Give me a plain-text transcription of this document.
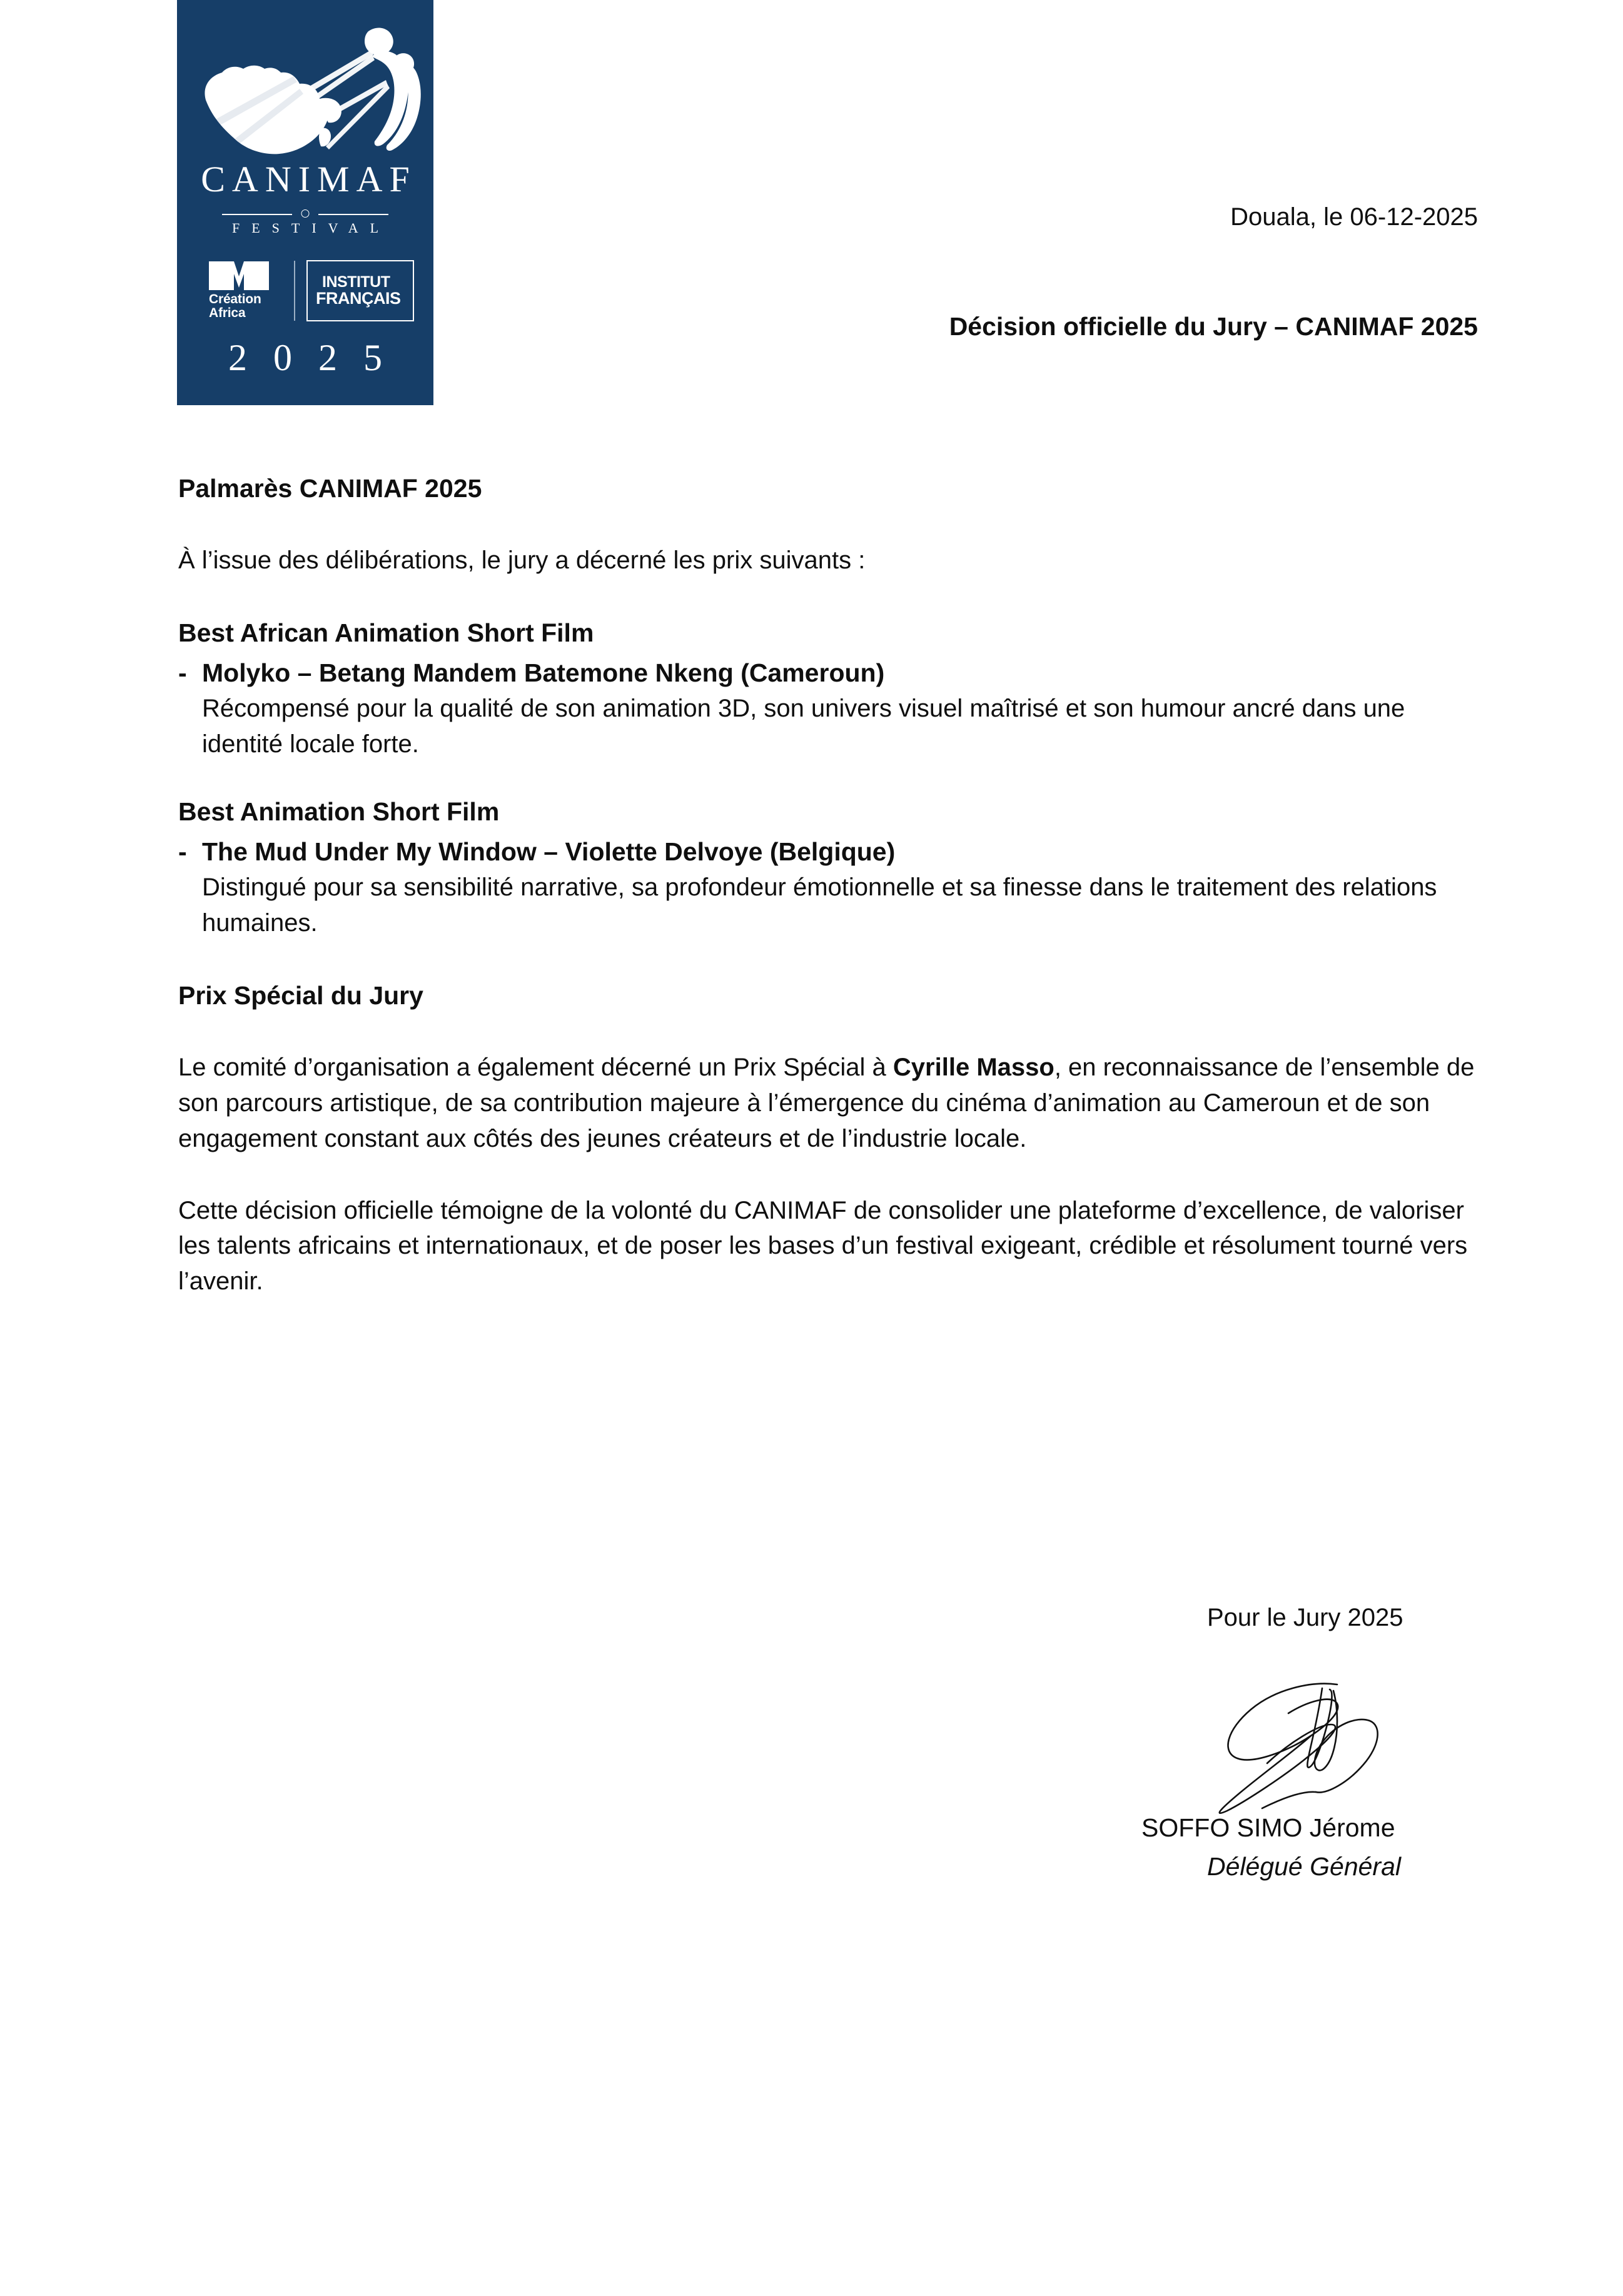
CANIMAF
FESTIVAL
Création
Africa
INSTITUT
FRANÇAIS
2025
Douala, le 06-12-2025
Décision officielle du Jury – CANIMAF 2025
Palmarès CANIMAF 2025
À l’issue des délibérations, le jury a décerné les prix suivants :
Best African Animation Short Film
- Molyko – Betang Mandem Batemone Nkeng (Cameroun)
Récompensé pour la qualité de son animation 3D, son univers visuel maîtrisé et son humour ancré dans une identité locale forte.
Best Animation Short Film
- The Mud Under My Window – Violette Delvoye (Belgique)
Distingué pour sa sensibilité narrative, sa profondeur émotionnelle et sa finesse dans le traitement des relations humaines.
Prix Spécial du Jury
Le comité d’organisation a également décerné un Prix Spécial à Cyrille Masso, en reconnaissance de l’ensemble de son parcours artistique, de sa contribution majeure à l’émergence du cinéma d’animation au Cameroun et de son engagement constant aux côtés des jeunes créateurs et de l’industrie locale.
Cette décision officielle témoigne de la volonté du CANIMAF de consolider une plateforme d’excellence, de valoriser les talents africains et internationaux, et de poser les bases d’un festival exigeant, crédible et résolument tourné vers l’avenir.
Pour le Jury 2025
SOFFO SIMO Jérome
Délégué Général
